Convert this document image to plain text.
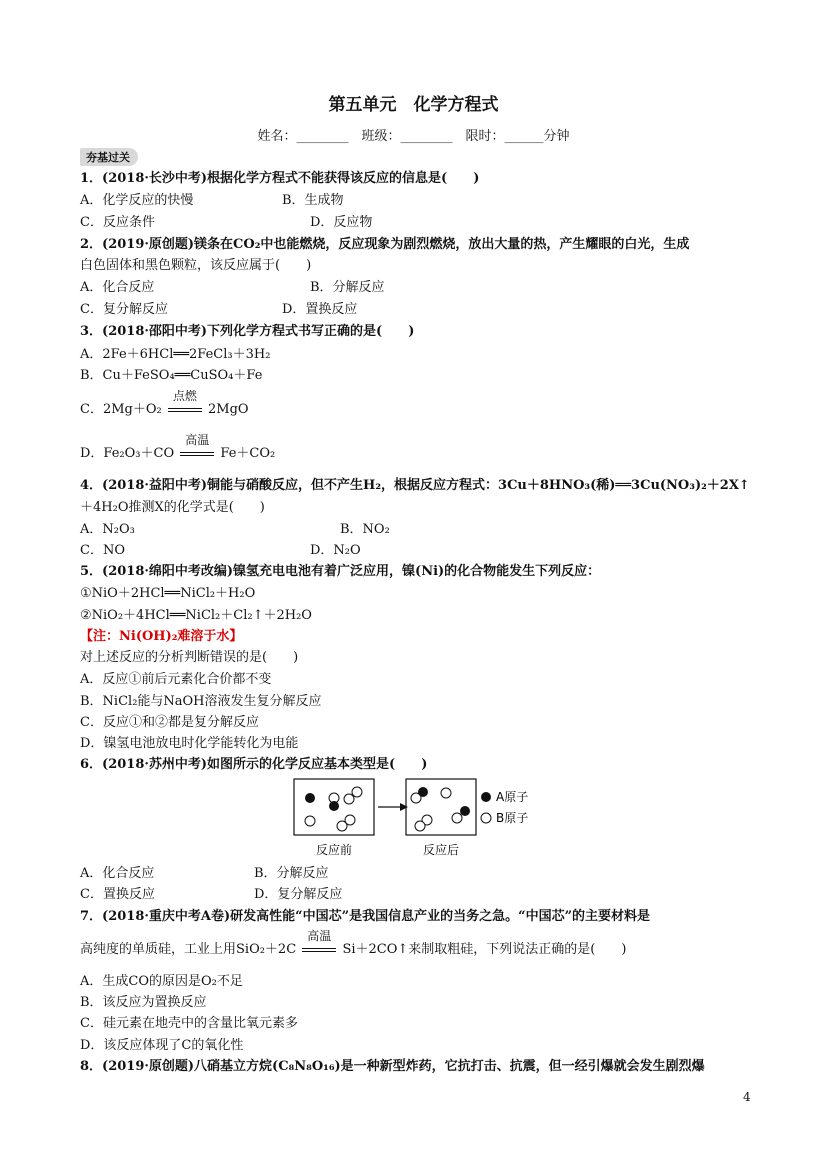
第五单元　化学方程式
姓名：________　班级：________　限时：______分钟
夯基过关
1．(2018·长沙中考)根据化学方程式不能获得该反应的信息是(　　)
A．化学反应的快慢	B．生成物
C．反应条件	D．反应物
2．(2019·原创题)镁条在CO₂中也能燃烧，反应现象为剧烈燃烧，放出大量的热，产生耀眼的白光，生成
白色固体和黑色颗粒，该反应属于(　　)
A．化合反应	B．分解反应
C．复分解反应	D．置换反应
3．(2018·邵阳中考)下列化学方程式书写正确的是(　　)
A．2Fe＋6HCl══2FeCl₃＋3H₂
B．Cu＋FeSO₄══CuSO₄＋Fe
C．2Mg＋O₂
点燃
2MgO
D．Fe₂O₃＋CO
高温
Fe＋CO₂
4．(2018·益阳中考)铜能与硝酸反应，但不产生H₂，根据反应方程式：3Cu＋8HNO₃(稀)══3Cu(NO₃)₂＋2X↑
＋4H₂O推测X的化学式是(　　)
A．N₂O₃	B．NO₂
C．NO	D．N₂O
5．(2018·绵阳中考改编)镍氢充电电池有着广泛应用，镍(Ni)的化合物能发生下列反应：
①NiO＋2HCl══NiCl₂＋H₂O
②NiO₂＋4HCl══NiCl₂＋Cl₂↑＋2H₂O
【注：Ni(OH)₂难溶于水】
对上述反应的分析判断错误的是(　　)
A．反应①前后元素化合价都不变
B．NiCl₂能与NaOH溶液发生复分解反应
C．反应①和②都是复分解反应
D．镍氢电池放电时化学能转化为电能
6．(2018·苏州中考)如图所示的化学反应基本类型是(　　)
A原子
B原子
反应前	反应后
A．化合反应	B．分解反应
C．置换反应	D．复分解反应
7．(2018·重庆中考A卷)研发高性能“中国芯”是我国信息产业的当务之急。“中国芯”的主要材料是
高纯度的单质硅，工业上用SiO₂＋2C
高温
Si＋2CO↑来制取粗硅，下列说法正确的是(　　)
A．生成CO的原因是O₂不足
B．该反应为置换反应
C．硅元素在地壳中的含量比氧元素多
D．该反应体现了C的氧化性
8．(2019·原创题)八硝基立方烷(C₈N₈O₁₆)是一种新型炸药，它抗打击、抗震，但一经引爆就会发生剧烈爆
4
